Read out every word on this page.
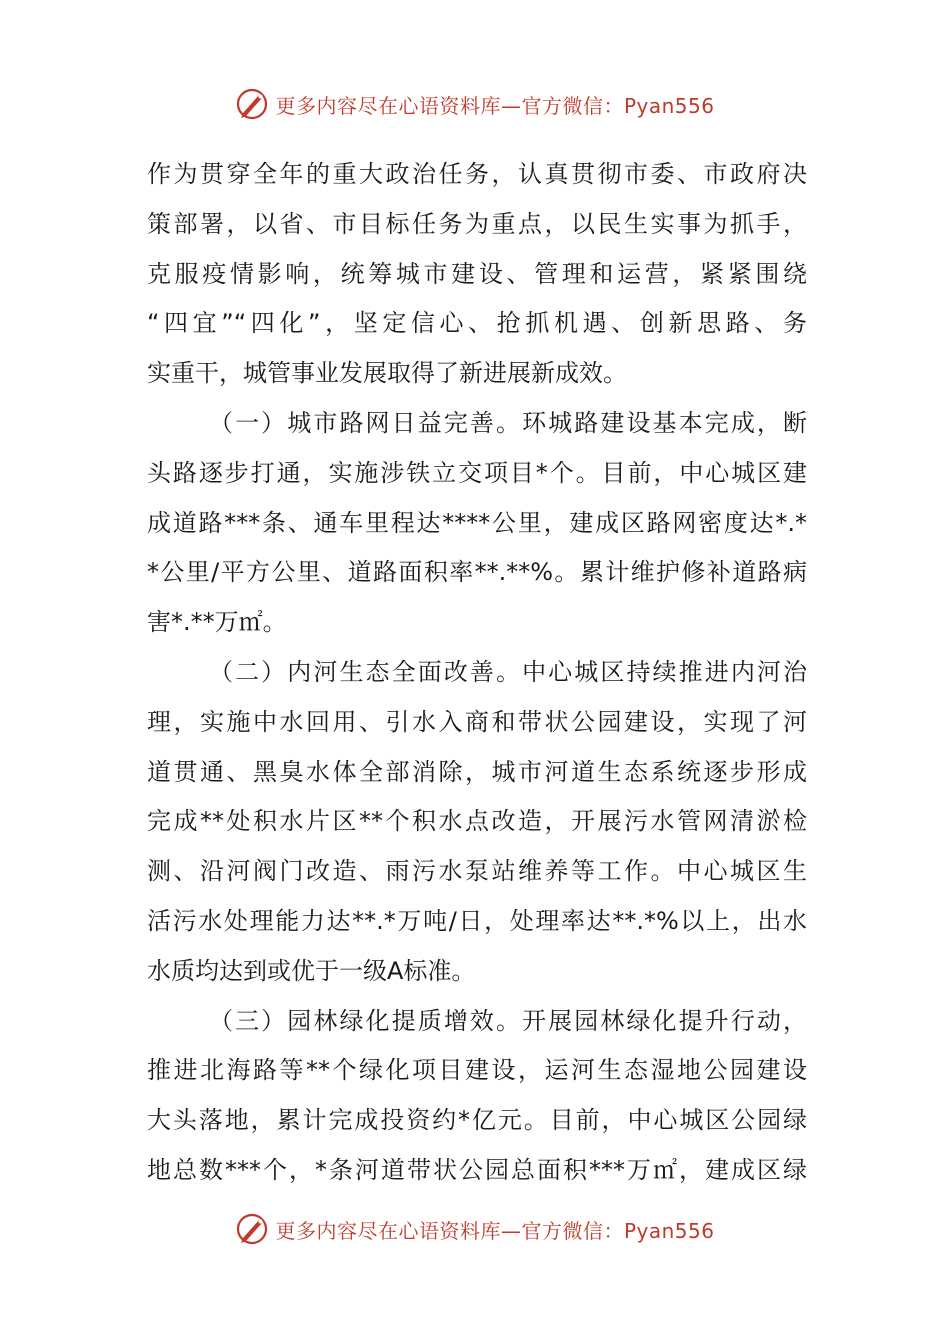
更多内容尽在心语资料库—官方微信：Pyan556
作为贯穿全年的重大政治任务，认真贯彻市委、市政府决
策部署，以省、市目标任务为重点，以民生实事为抓手，
克服疫情影响，统筹城市建设、管理和运营，紧紧围绕
“四宜”“四化”，坚定信心、抢抓机遇、创新思路、务
实重干，城管事业发展取得了新进展新成效。
（一）城市路网日益完善。环城路建设基本完成，断
头路逐步打通，实施涉铁立交项目*个。目前，中心城区建
成道路***条、通车里程达****公里，建成区路网密度达*.*
*公里/平方公里、道路面积率**.**%。累计维护修补道路病
害*.**万㎡。
（二）内河生态全面改善。中心城区持续推进内河治
理，实施中水回用、引水入商和带状公园建设，实现了河
道贯通、黑臭水体全部消除，城市河道生态系统逐步形成
完成**处积水片区**个积水点改造，开展污水管网清淤检
测、沿河阀门改造、雨污水泵站维养等工作。中心城区生
活污水处理能力达**.*万吨/日，处理率达**.*%以上，出水
水质均达到或优于一级A标准。
（三）园林绿化提质增效。开展园林绿化提升行动，
推进北海路等**个绿化项目建设，运河生态湿地公园建设
大头落地，累计完成投资约*亿元。目前，中心城区公园绿
地总数***个，*条河道带状公园总面积***万㎡，建成区绿
更多内容尽在心语资料库—官方微信：Pyan556
